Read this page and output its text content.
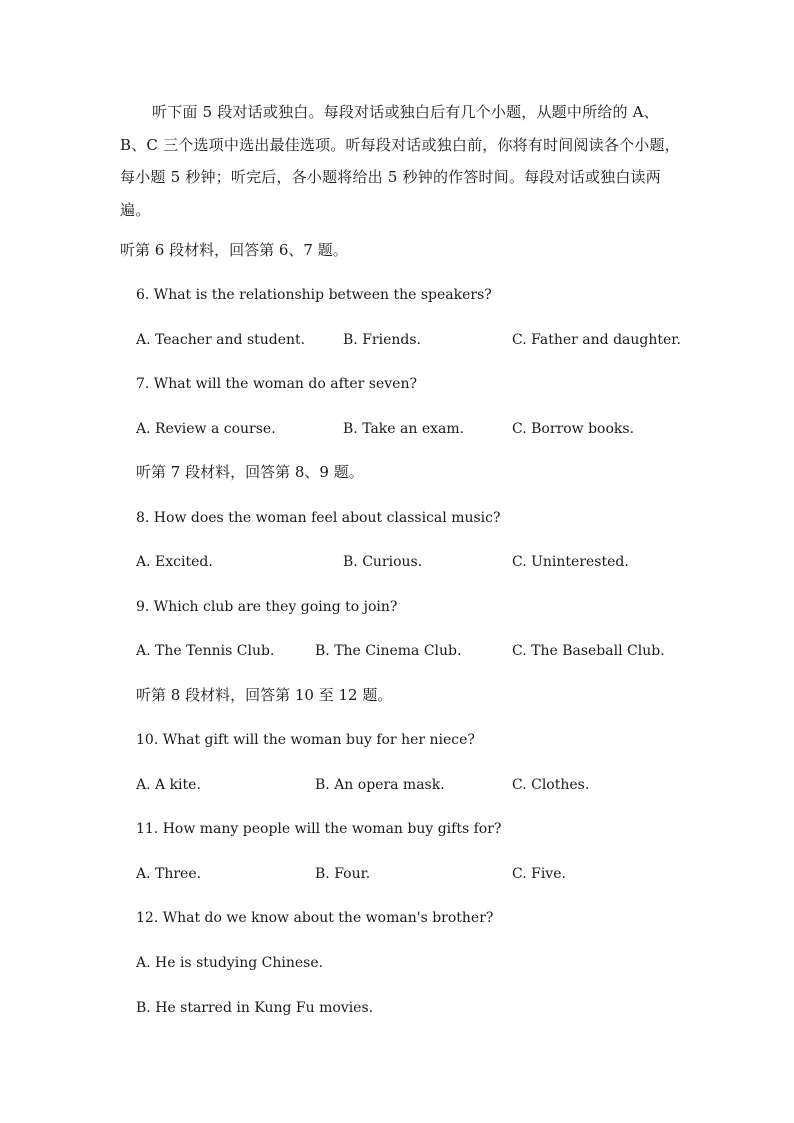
听下面 5 段对话或独白。每段对话或独白后有几个小题，从题中所给的 A、B、C 三个选项中选出最佳选项。听每段对话或独白前，你将有时间阅读各个小题，每小题 5 秒钟；听完后，各小题将给出 5 秒钟的作答时间。每段对话或独白读两遍。
听第 6 段材料，回答第 6、7 题。
6. What is the relationship between the speakers?
A. Teacher and student.	B. Friends.	C. Father and daughter.
7. What will the woman do after seven?
A. Review a course.	B. Take an exam.	C. Borrow books.
听第 7 段材料，回答第 8、9 题。
8. How does the woman feel about classical music?
A. Excited.	B. Curious.	C. Uninterested.
9. Which club are they going to join?
A. The Tennis Club.	B. The Cinema Club.	C. The Baseball Club.
听第 8 段材料，回答第 10 至 12 题。
10. What gift will the woman buy for her niece?
A. A kite.	B. An opera mask.	C. Clothes.
11. How many people will the woman buy gifts for?
A. Three.	B. Four.	C. Five.
12. What do we know about the woman's brother?
A. He is studying Chinese.
B. He starred in Kung Fu movies.
